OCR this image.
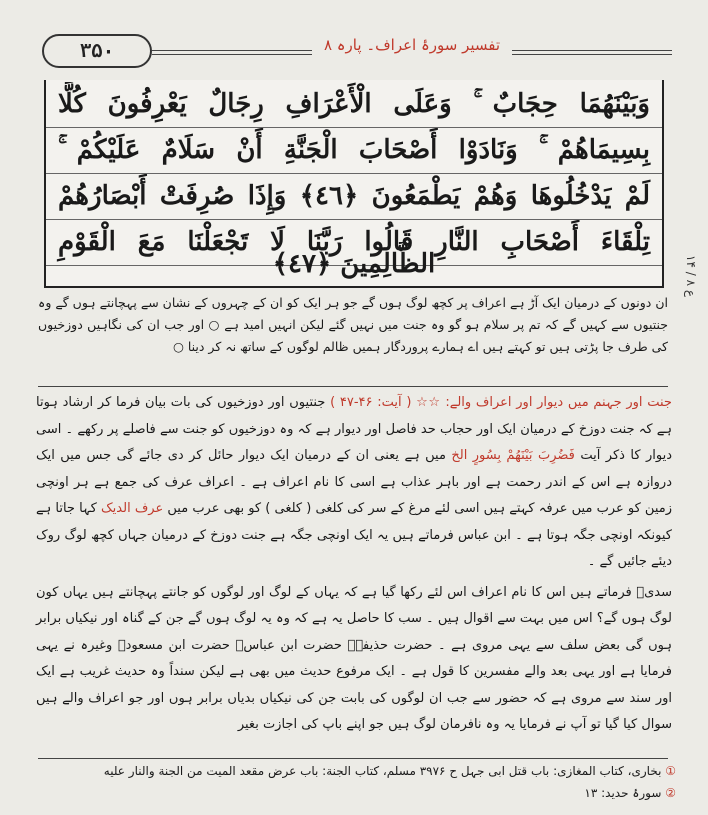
۳۵۰	تفسیر سورۂ اعراف۔ پارہ ۸
وَبَيْنَهُمَا حِجَابٌ ۚ وَعَلَى الْأَعْرَافِ رِجَالٌ يَعْرِفُونَ كُلًّا
بِسِيمَاهُمْ ۚ وَنَادَوْا أَصْحَابَ الْجَنَّةِ أَنْ سَلَامٌ عَلَيْكُمْ ۚ
لَمْ يَدْخُلُوهَا وَهُمْ يَطْمَعُونَ ﴿٤٦﴾ وَإِذَا صُرِفَتْ أَبْصَارُهُمْ
تِلْقَاءَ أَصْحَابِ النَّارِ قَالُوا رَبَّنَا لَا تَجْعَلْنَا مَعَ الْقَوْمِ
الظَّالِمِينَ ﴿٤٧﴾	ع ۸ / ۱۴
ان دونوں کے درمیان ایک آڑ ہے اعراف پر کچھ لوگ ہوں گے جو ہر ایک کو ان کے چہروں کے نشان سے پہچانتے ہوں گے وہ جنتیوں سے کہیں گے کہ تم پر سلام ہو گو وہ جنت میں نہیں گئے لیکن انہیں امید ہے ○ اور جب ان کی نگاہیں دوزخیوں کی طرف جا پڑتی ہیں تو کہتے ہیں اے ہمارے پروردگار ہمیں ظالم لوگوں کے ساتھ نہ کر دینا ○

جنت اور جہنم میں دیوار اور اعراف والے: ☆☆ ( آیت: ۴۶-۴۷ ) جنتیوں اور دوزخیوں کی بات بیان فرما کر ارشاد ہوتا ہے کہ جنت دوزخ کے درمیان ایک اور حجاب حد فاصل اور دیوار ہے کہ وہ دوزخیوں کو جنت سے فاصلے پر رکھے ۔ اسی دیوار کا ذکر آیت فَضُرِبَ بَيْنَهُمْ بِسُورٍ الخ میں ہے یعنی ان کے درمیان ایک دیوار حائل کر دی جائے گی جس میں ایک دروازہ ہے اس کے اندر رحمت ہے اور باہر عذاب ہے اسی کا نام اعراف ہے ۔ اعراف عرف کی جمع ہے ہر اونچی زمین کو عرب میں عرفہ کہتے ہیں اسی لئے مرغ کے سر کی کلغی ( کلغی ) کو بھی عرب میں عرف الدیک کہا جاتا ہے کیونکہ اونچی جگہ ہوتا ہے ۔ ابن عباس فرماتے ہیں یہ ایک اونچی جگہ ہے جنت دوزخ کے درمیان جہاں کچھ لوگ روک دیئے جائیں گے ۔

سدیؒ فرماتے ہیں اس کا نام اعراف اس لئے رکھا گیا ہے کہ یہاں کے لوگ اور لوگوں کو جانتے پہچانتے ہیں یہاں کون لوگ ہوں گے؟ اس میں بہت سے اقوال ہیں ۔ سب کا حاصل یہ ہے کہ وہ یہ لوگ ہوں گے جن کے گناہ اور نیکیاں برابر ہوں گی بعض سلف سے یہی مروی ہے ۔ حضرت حذیفہؓ حضرت ابن عباسؓ حضرت ابن مسعودؓ وغیرہ نے یہی فرمایا ہے اور یہی بعد والے مفسرین کا قول ہے ۔ ایک مرفوع حدیث میں بھی ہے لیکن سنداً وہ حدیث غریب ہے ایک اور سند سے مروی ہے کہ حضور سے جب ان لوگوں کی بابت جن کی نیکیاں بدیاں برابر ہوں اور جو اعراف والے ہیں سوال کیا گیا تو آپ نے فرمایا یہ وہ نافرمان لوگ ہیں جو اپنے باپ کی اجازت بغیر

① بخاری، کتاب المغازی: باب قتل ابی جہل ح ۳۹۷۶ مسلم، کتاب الجنة: باب عرض مقعد المیت من الجنة والنار علیه
② سورۂ حدید: ۱۳
